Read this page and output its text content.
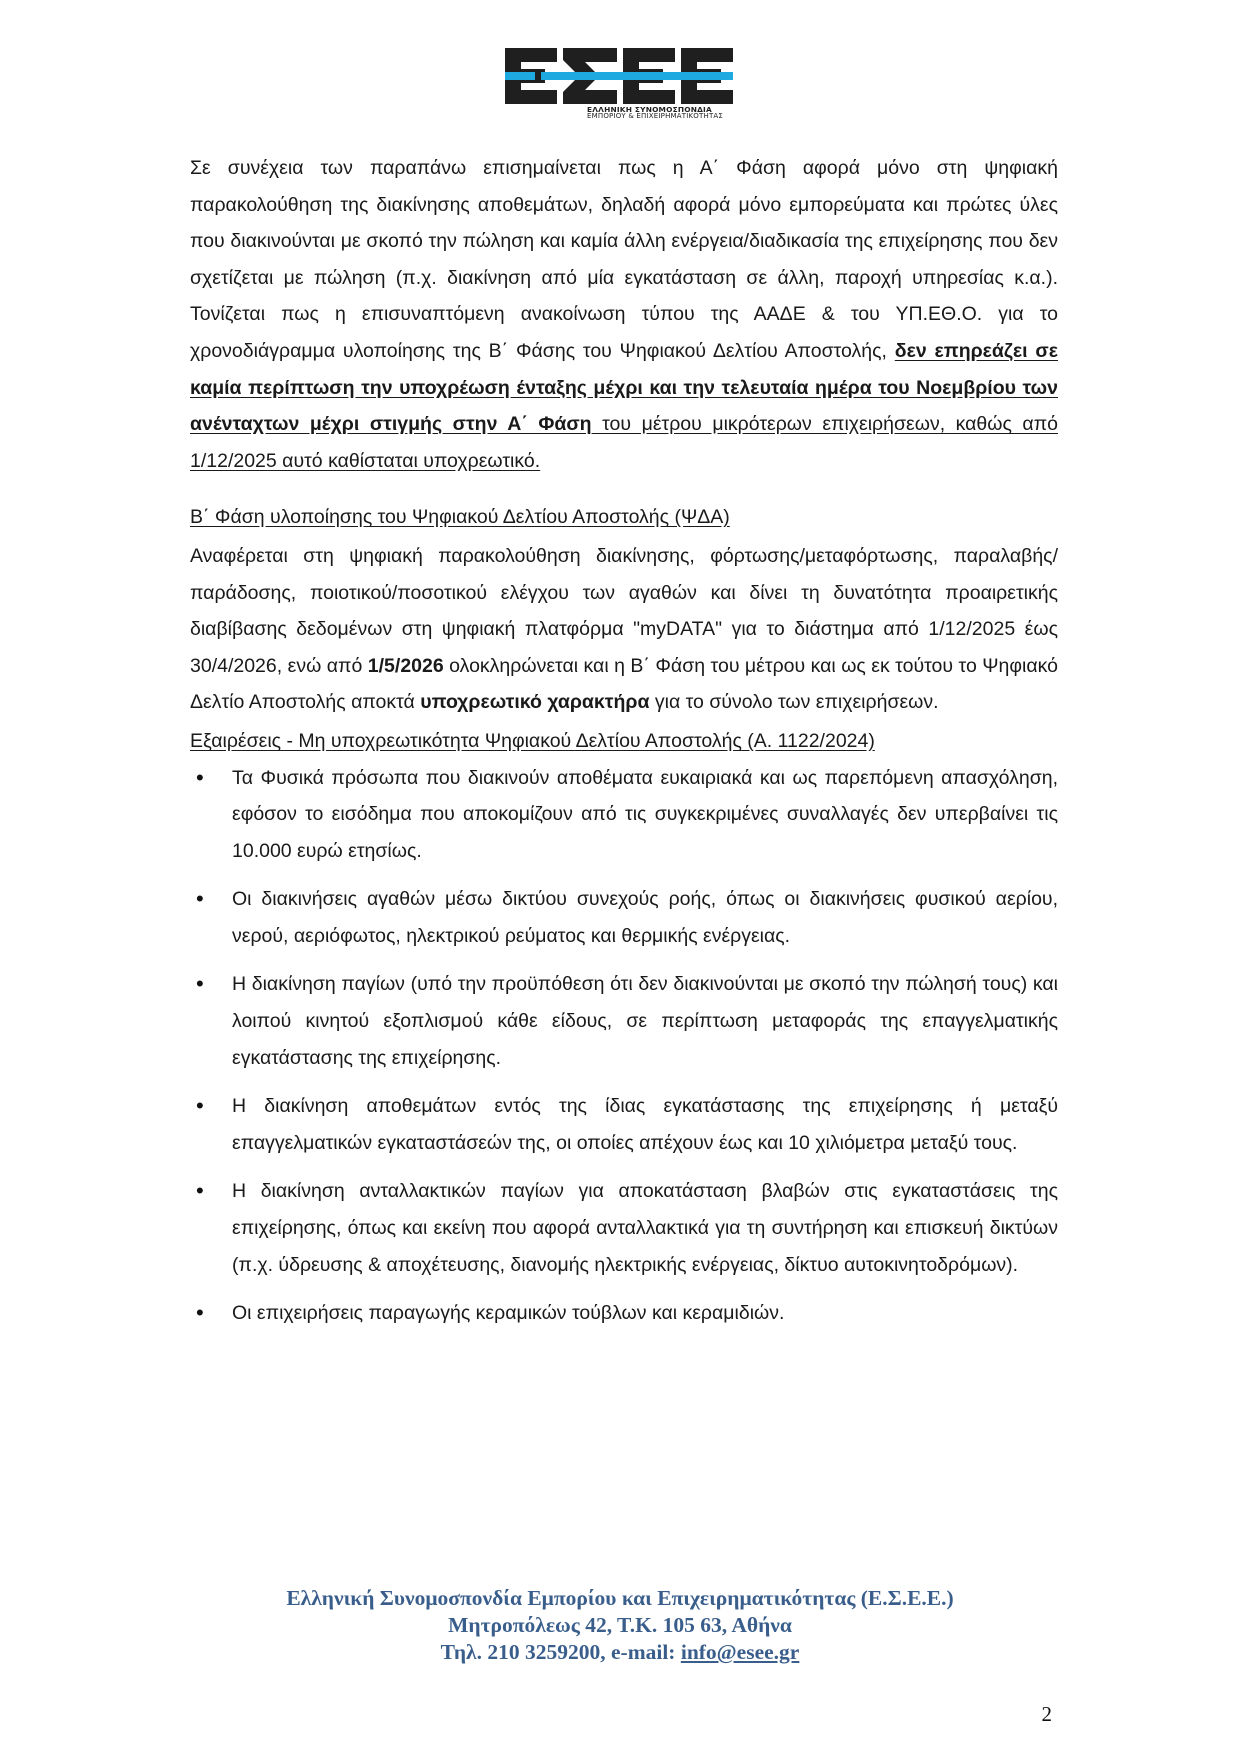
ΕΛΛΗΝΙΚΗ ΣΥΝΟΜΟΣΠΟΝΔΙΑ
ΕΜΠΟΡΙΟΥ & ΕΠΙΧΕΙΡΗΜΑΤΙΚΟΤΗΤΑΣ

Σε συνέχεια των παραπάνω επισημαίνεται πως η Α΄ Φάση αφορά μόνο στη ψηφιακή παρακολούθηση της διακίνησης αποθεμάτων, δηλαδή αφορά μόνο εμπορεύματα και πρώτες ύλες που διακινούνται με σκοπό την πώληση και καμία άλλη ενέργεια/διαδικασία της επιχείρησης που δεν σχετίζεται με πώληση (π.χ. διακίνηση από μία εγκατάσταση σε άλλη, παροχή υπηρεσίας κ.α.). Τονίζεται πως η επισυναπτόμενη ανακοίνωση τύπου της ΑΑΔΕ & του ΥΠ.ΕΘ.Ο. για το χρονοδιάγραμμα υλοποίησης της Β΄ Φάσης του Ψηφιακού Δελτίου Αποστολής, δεν επηρεάζει σε καμία περίπτωση την υποχρέωση ένταξης μέχρι και την τελευταία ημέρα του Νοεμβρίου των ανένταχτων μέχρι στιγμής στην Α΄ Φάση του μέτρου μικρότερων επιχειρήσεων, καθώς από 1/12/2025 αυτό καθίσταται υποχρεωτικό.

Β΄ Φάση υλοποίησης του Ψηφιακού Δελτίου Αποστολής (ΨΔΑ)

Αναφέρεται στη ψηφιακή παρακολούθηση διακίνησης, φόρτωσης/μεταφόρτωσης, παραλαβής/παράδοσης, ποιοτικού/ποσοτικού ελέγχου των αγαθών και δίνει τη δυνατότητα προαιρετικής διαβίβασης δεδομένων στη ψηφιακή πλατφόρμα "myDATA" για το διάστημα από 1/12/2025 έως 30/4/2026, ενώ από 1/5/2026 ολοκληρώνεται και η Β΄ Φάση του μέτρου και ως εκ τούτου το Ψηφιακό Δελτίο Αποστολής αποκτά υποχρεωτικό χαρακτήρα για το σύνολο των επιχειρήσεων.

Εξαιρέσεις - Μη υποχρεωτικότητα Ψηφιακού Δελτίου Αποστολής (Α. 1122/2024)

• Τα Φυσικά πρόσωπα που διακινούν αποθέματα ευκαιριακά και ως παρεπόμενη απασχόληση, εφόσον το εισόδημα που αποκομίζουν από τις συγκεκριμένες συναλλαγές δεν υπερβαίνει τις 10.000 ευρώ ετησίως.
• Οι διακινήσεις αγαθών μέσω δικτύου συνεχούς ροής, όπως οι διακινήσεις φυσικού αερίου, νερού, αεριόφωτος, ηλεκτρικού ρεύματος και θερμικής ενέργειας.
• Η διακίνηση παγίων (υπό την προϋπόθεση ότι δεν διακινούνται με σκοπό την πώλησή τους) και λοιπού κινητού εξοπλισμού κάθε είδους, σε περίπτωση μεταφοράς της επαγγελματικής εγκατάστασης της επιχείρησης.
• Η διακίνηση αποθεμάτων εντός της ίδιας εγκατάστασης της επιχείρησης ή μεταξύ επαγγελματικών εγκαταστάσεών της, οι οποίες απέχουν έως και 10 χιλιόμετρα μεταξύ τους.
• Η διακίνηση ανταλλακτικών παγίων για αποκατάσταση βλαβών στις εγκαταστάσεις της επιχείρησης, όπως και εκείνη που αφορά ανταλλακτικά για τη συντήρηση και επισκευή δικτύων (π.χ. ύδρευσης & αποχέτευσης, διανομής ηλεκτρικής ενέργειας, δίκτυο αυτοκινητοδρόμων).
• Οι επιχειρήσεις παραγωγής κεραμικών τούβλων και κεραμιδιών.
Ελληνική Συνομοσπονδία Εμπορίου και Επιχειρηματικότητας (Ε.Σ.Ε.Ε.)
Μητροπόλεως 42, Τ.Κ. 105 63, Αθήνα
Τηλ. 210 3259200, e-mail: info@esee.gr
2
